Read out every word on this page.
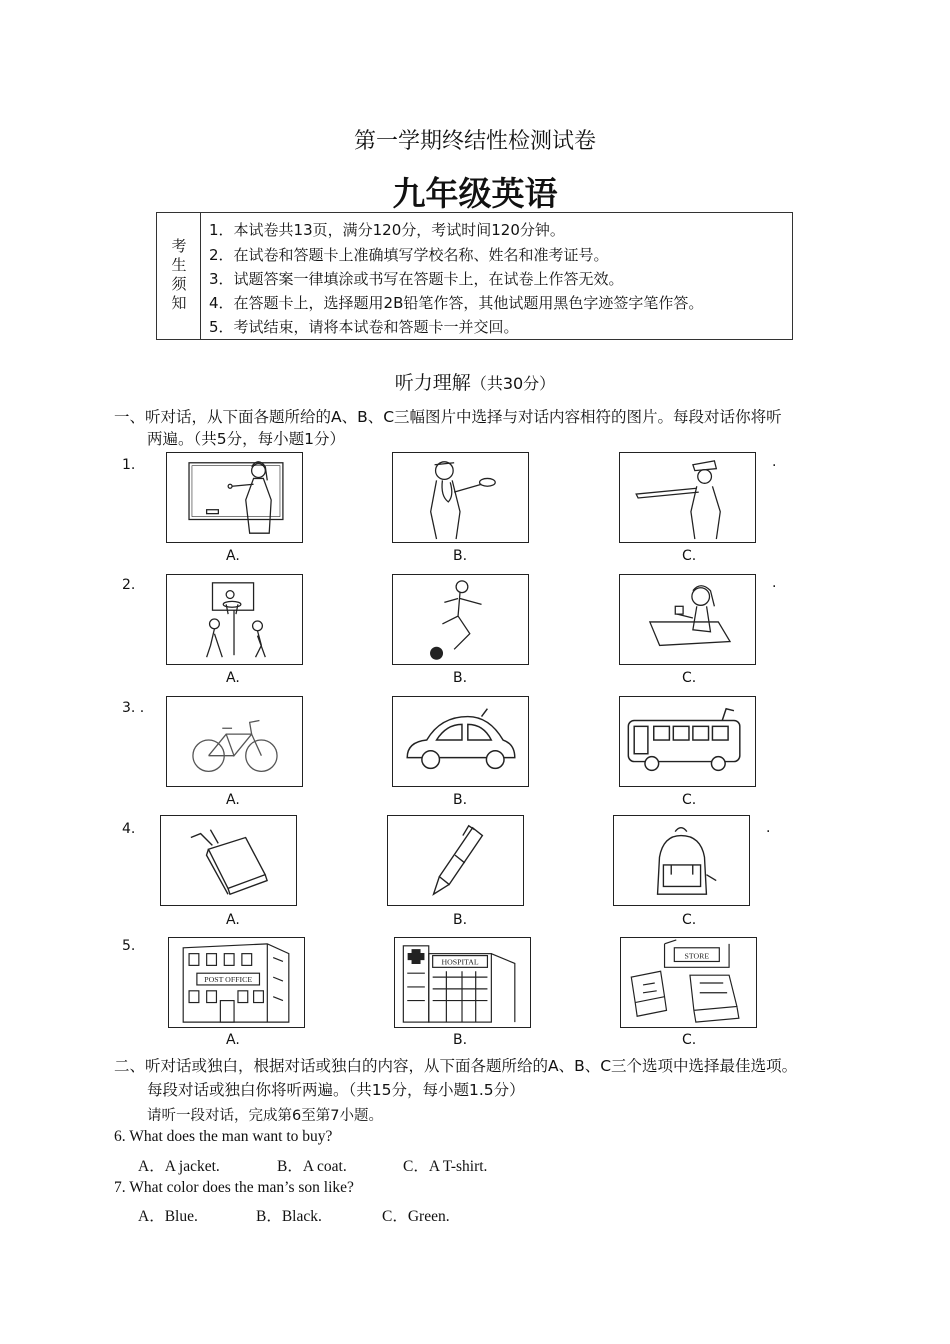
第一学期终结性检测试卷
九年级英语
考生须知
1．本试卷共13页，满分120分，考试时间120分钟。
2．在试卷和答题卡上准确填写学校名称、姓名和准考证号。
3．试题答案一律填涂或书写在答题卡上，在试卷上作答无效。
4．在答题卡上，选择题用2B铅笔作答，其他试题用黑色字迹签字笔作答。
5．考试结束，请将本试卷和答题卡一并交回。
听力理解（共30分）
一、听对话，从下面各题所给的A、B、C三幅图片中选择与对话内容相符的图片。每段对话你将听
两遍。（共5分，每小题1分）
1.
A.	B.	C.
.
2.
A.	B.	C.
.
3. .
A.	B.	C.
4.
A.	B.	C.
.
5.
POST OFFICE
A.
HOSPITAL
B.
STORE
C.
二、听对话或独白，根据对话或独白的内容，从下面各题所给的A、B、C三个选项中选择最佳选项。
每段对话或独白你将听两遍。（共15分，每小题1.5分）
请听一段对话，完成第6至第7小题。
6. What does the man want to buy?
A．A jacket.	B．A coat.	C．A T-shirt.
7. What color does the man’s son like?
A．Blue.	B．Black.	C．Green.
